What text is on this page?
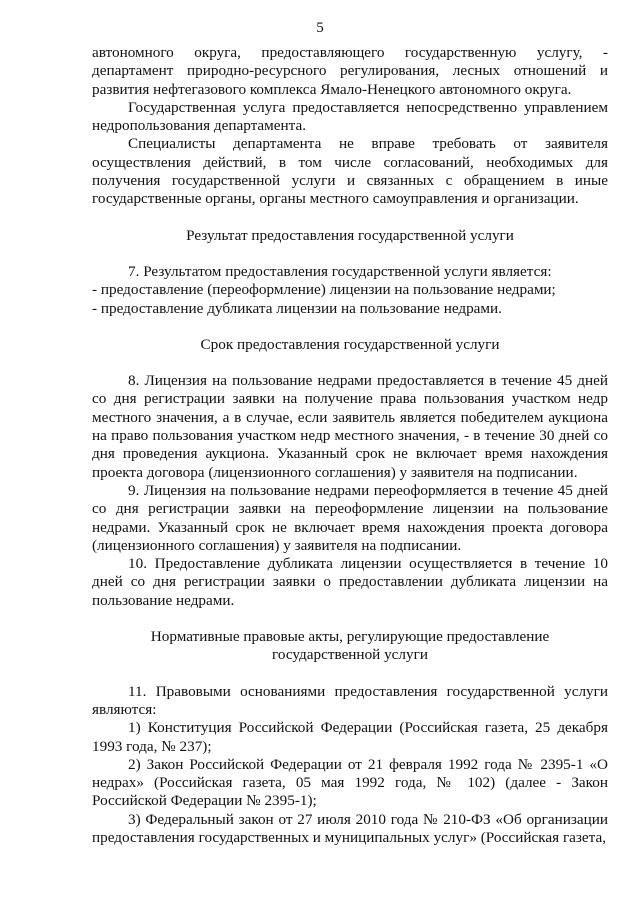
5

автономного округа, предоставляющего государственную услугу, - департамент природно-ресурсного регулирования, лесных отношений и развития нефтегазового комплекса Ямало-Ненецкого автономного округа.

Государственная услуга предоставляется непосредственно управлением недропользования департамента.

Специалисты департамента не вправе требовать от заявителя осуществления действий, в том числе согласований, необходимых для получения государственной услуги и связанных с обращением в иные государственные органы, органы местного самоуправления и организации.

Результат предоставления государственной услуги

7. Результатом предоставления государственной услуги является:

- предоставление (переоформление) лицензии на пользование недрами;

- предоставление дубликата лицензии на пользование недрами.

Срок предоставления государственной услуги

8. Лицензия на пользование недрами предоставляется в течение 45 дней со дня регистрации заявки на получение права пользования участком недр местного значения, а в случае, если заявитель является победителем аукциона на право пользования участком недр местного значения, - в течение 30 дней со дня проведения аукциона. Указанный срок не включает время нахождения проекта договора (лицензионного соглашения) у заявителя на подписании.

9. Лицензия на пользование недрами переоформляется в течение 45 дней со дня регистрации заявки на переоформление лицензии на пользование недрами. Указанный срок не включает время нахождения проекта договора (лицензионного соглашения) у заявителя на подписании.

10. Предоставление дубликата лицензии осуществляется в течение 10 дней со дня регистрации заявки о предоставлении дубликата лицензии на пользование недрами.

Нормативные правовые акты, регулирующие предоставление

государственной услуги

11. Правовыми основаниями предоставления государственной услуги являются:

1) Конституция Российской Федерации (Российская газета, 25 декабря 1993 года, № 237);

2) Закон Российской Федерации от 21 февраля 1992 года № 2395-1 «О недрах» (Российская газета, 05 мая 1992 года, № 102) (далее - Закон Российской Федерации № 2395-1);

3) Федеральный закон от 27 июля 2010 года № 210-ФЗ «Об организации предоставления государственных и муниципальных услуг» (Российская газета,
